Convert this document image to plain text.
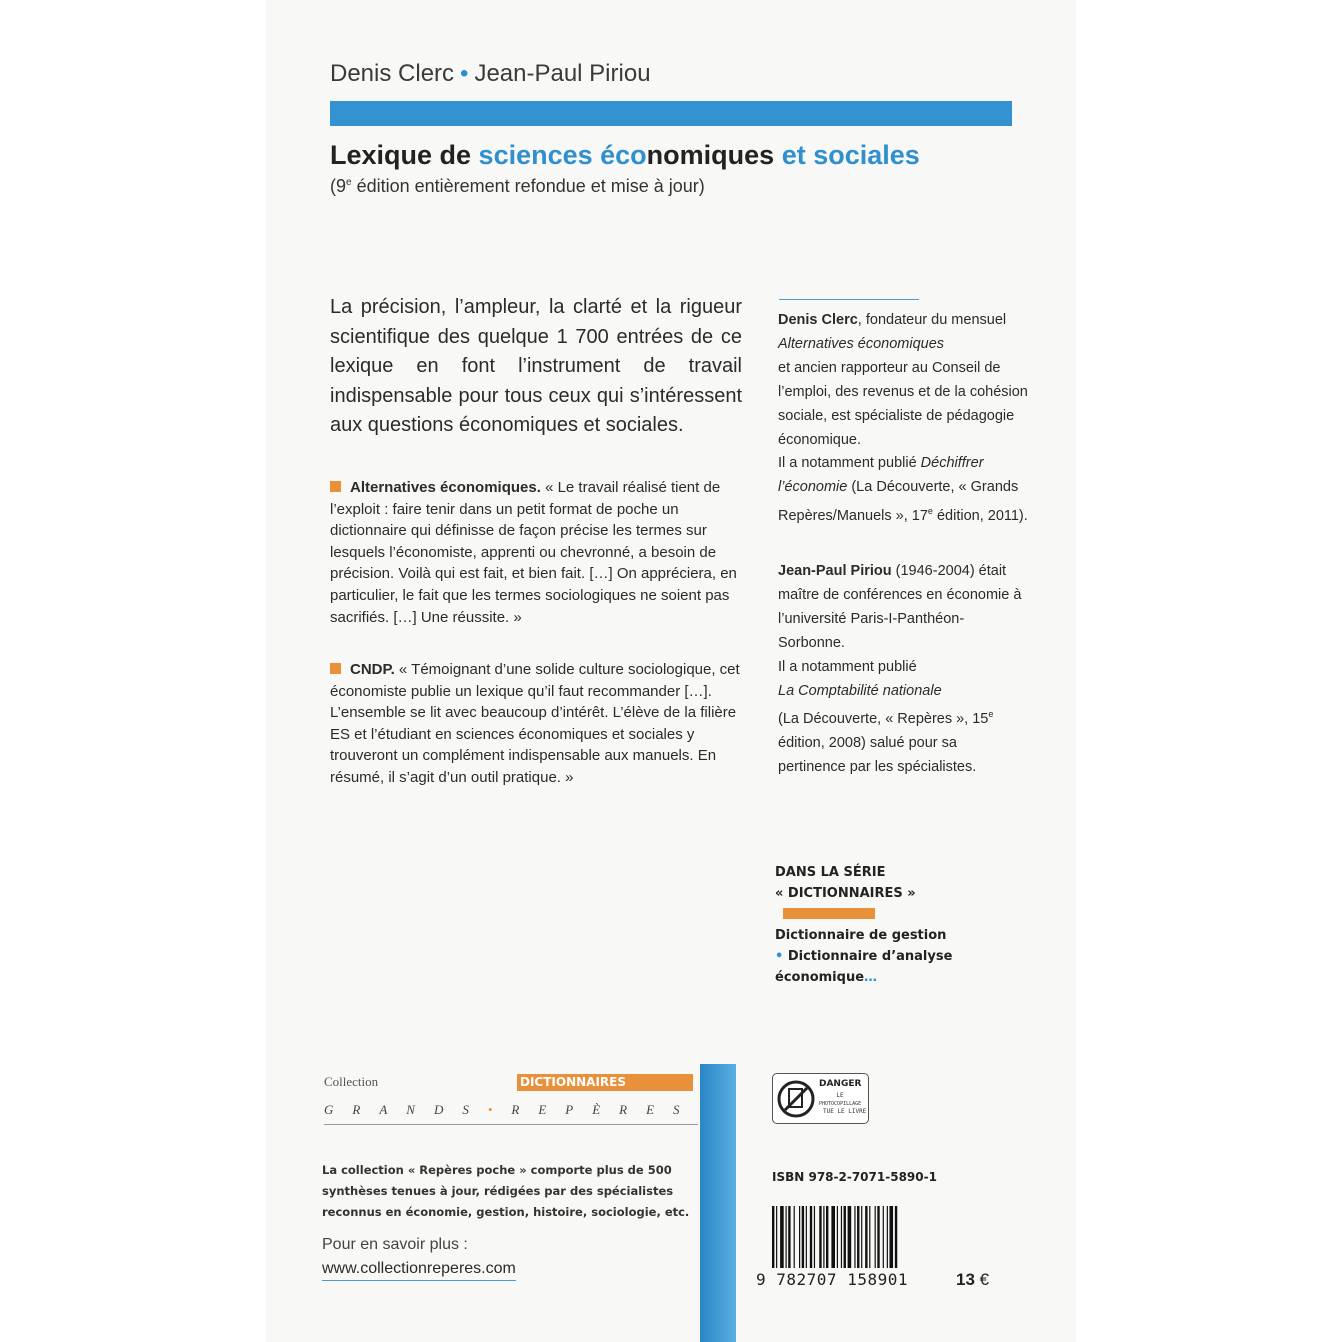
Denis Clerc • Jean-Paul Piriou
Lexique de sciences économiques et sociales
(9e édition entièrement refondue et mise à jour)
La précision, l’ampleur, la clarté et la rigueur scientifique des quelque 1 700 entrées de ce lexique en font l’instrument de travail indispensable pour tous ceux qui s’intéressent aux questions économiques et sociales.
Alternatives économiques. « Le travail réalisé tient de l’exploit : faire tenir dans un petit format de poche un dictionnaire qui définisse de façon précise les termes sur lesquels l’économiste, apprenti ou chevronné, a besoin de précision. Voilà qui est fait, et bien fait. […] On appréciera, en particulier, le fait que les termes sociologiques ne soient pas sacrifiés. […] Une réussite. »
CNDP. « Témoignant d’une solide culture sociologique, cet économiste publie un lexique qu’il faut recommander […]. L’ensemble se lit avec beaucoup d’intérêt. L’élève de la filière ES et l’étudiant en sciences économiques et sociales y trouveront un complément indispensable aux manuels. En résumé, il s’agit d’un outil pratique. »

Denis Clerc, fondateur du mensuel

Alternatives économiques

et ancien rapporteur au Conseil de l’emploi, des revenus et de la cohésion sociale, est spécialiste de pédagogie économique.

Il a notamment publié Déchiffrer l’économie (La Découverte, « Grands Repères/Manuels », 17e édition, 2011).

Jean-Paul Piriou (1946-2004) était maître de conférences en économie à l’université Paris-I-Panthéon-Sorbonne.

Il a notamment publié

La Comptabilité nationale

(La Découverte, « Repères », 15e édition, 2008) salué pour sa pertinence par les spécialistes.

DANS LA SÉRIE
« DICTIONNAIRES »
Dictionnaire de gestion
• Dictionnaire d’analyse économique…
Collection	DICTIONNAIRES
GRANDS•REPÈRES
La collection « Repères poche » comporte plus de 500 synthèses tenues à jour, rédigées par des spécialistes reconnus en économie, gestion, histoire, sociologie, etc.
Pour en savoir plus :
www.collectionreperes.com
DANGER
LE
PHOTOCOPILLAGE
TUE LE LIVRE
ISBN 978-2-7071-5890-1
9 782707 158901	13 €
